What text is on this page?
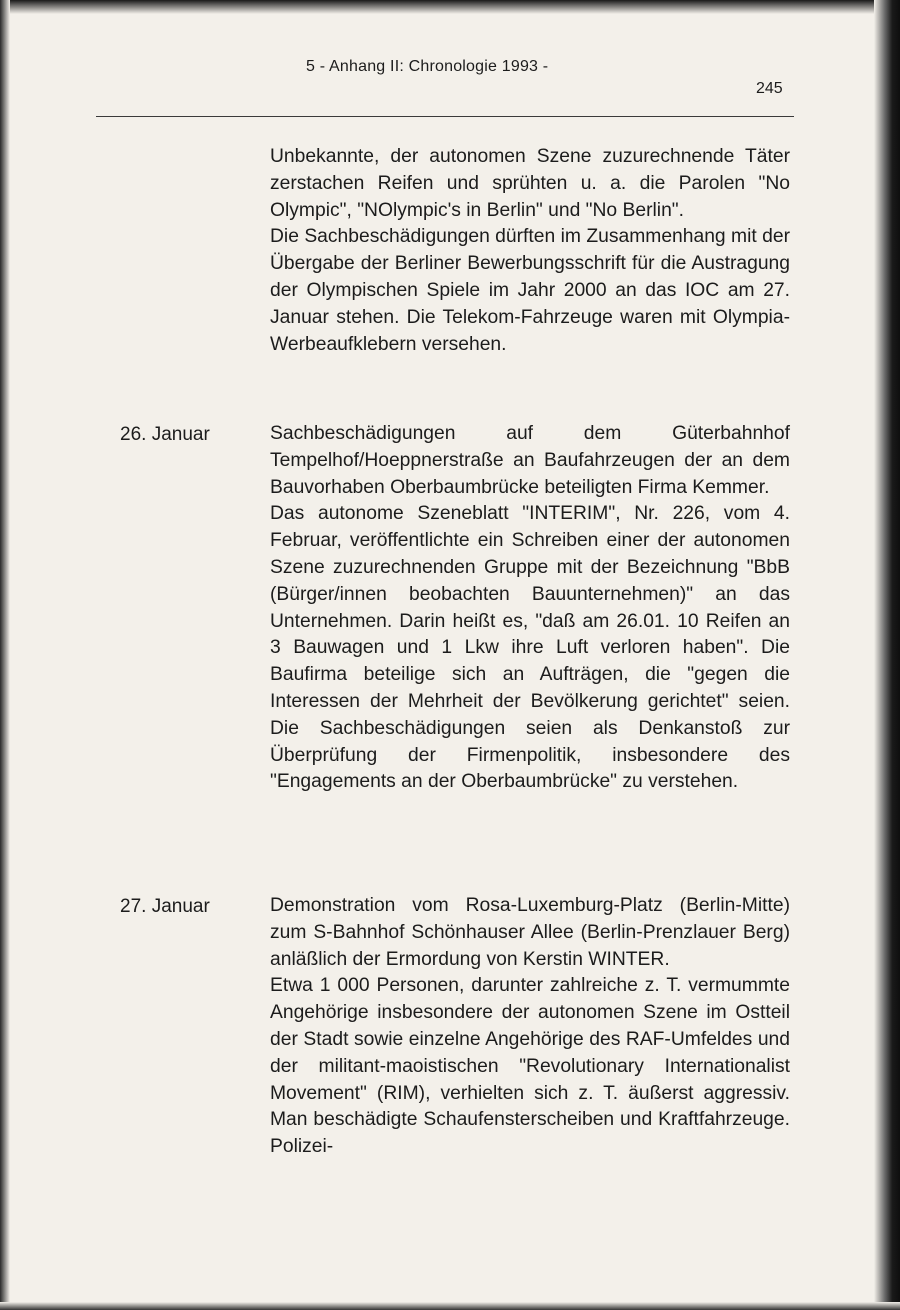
5 - Anhang II: Chronologie 1993 -
245

Unbekannte, der autonomen Szene zuzurechnende Täter zerstachen Reifen und sprühten u. a. die Parolen "No Olympic", "NOlympic's in Berlin" und "No Berlin".

Die Sachbeschädigungen dürften im Zusammenhang mit der Übergabe der Berliner Bewerbungsschrift für die Austragung der Olympischen Spiele im Jahr 2000 an das IOC am 27. Januar stehen. Die Telekom-Fahrzeuge waren mit Olympia-Werbeaufklebern versehen.

26. Januar	Sachbeschädigungen auf dem Güterbahnhof Tempelhof/Hoeppnerstraße an Baufahrzeugen der an dem Bauvorhaben Oberbaumbrücke beteiligten Firma Kemmer.

Das autonome Szeneblatt "INTERIM", Nr. 226, vom 4. Februar, veröffentlichte ein Schreiben einer der autonomen Szene zuzurechnenden Gruppe mit der Bezeichnung "BbB (Bürger/innen beobachten Bauunternehmen)" an das Unternehmen. Darin heißt es, "daß am 26.01. 10 Reifen an 3 Bauwagen und 1 Lkw ihre Luft verloren haben". Die Baufirma beteilige sich an Aufträgen, die "gegen die Interessen der Mehrheit der Bevölkerung gerichtet" seien. Die Sachbeschädigungen seien als Denkanstoß zur Überprüfung der Firmenpolitik, insbesondere des "Engagements an der Oberbaumbrücke" zu verstehen.

27. Januar	Demonstration vom Rosa-Luxemburg-Platz (Berlin-Mitte) zum S-Bahnhof Schönhauser Allee (Berlin-Prenzlauer Berg) anläßlich der Ermordung von Kerstin WINTER.

Etwa 1 000 Personen, darunter zahlreiche z. T. vermummte Angehörige insbesondere der autonomen Szene im Ostteil der Stadt sowie einzelne Angehörige des RAF-Umfeldes und der militant-maoistischen "Revolutionary Internationalist Movement" (RIM), verhielten sich z. T. äußerst aggressiv. Man beschädigte Schaufensterscheiben und Kraftfahrzeuge. Polizei-
